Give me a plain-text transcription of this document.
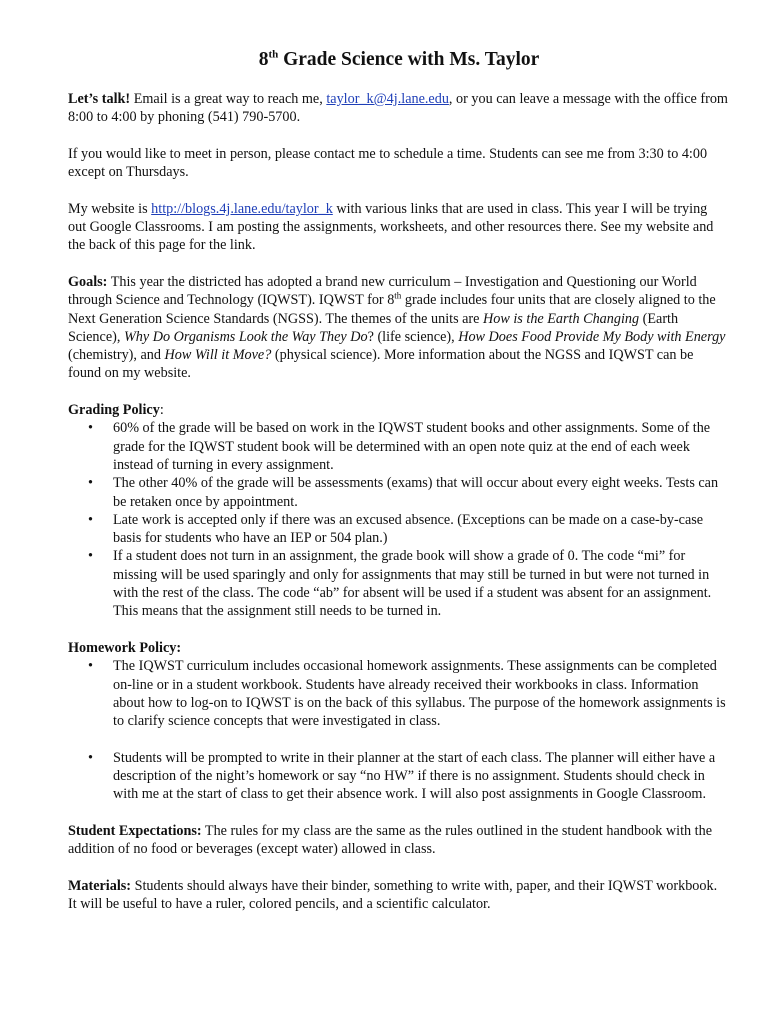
8th Grade Science with Ms. Taylor

Let’s talk! Email is a great way to reach me, taylor_k@4j.lane.edu, or you can leave a message with the office from 8:00 to 4:00 by phoning (541) 790-5700.

If you would like to meet in person, please contact me to schedule a time. Students can see me from 3:30 to 4:00 except on Thursdays.

My website is http://blogs.4j.lane.edu/taylor_k with various links that are used in class. This year I will be trying out Google Classrooms. I am posting the assignments, worksheets, and other resources there. See my website and the back of this page for the link.

Goals: This year the districted has adopted a brand new curriculum – Investigation and Questioning our World through Science and Technology (IQWST). IQWST for 8th grade includes four units that are closely aligned to the Next Generation Science Standards (NGSS). The themes of the units are How is the Earth Changing (Earth Science), Why Do Organisms Look the Way They Do? (life science), How Does Food Provide My Body with Energy (chemistry), and How Will it Move? (physical science). More information about the NGSS and IQWST can be found on my website.

Grading Policy:

• 60% of the grade will be based on work in the IQWST student books and other assignments. Some of the grade for the IQWST student book will be determined with an open note quiz at the end of each week instead of turning in every assignment.
• The other 40% of the grade will be assessments (exams) that will occur about every eight weeks. Tests can be retaken once by appointment.
• Late work is accepted only if there was an excused absence. (Exceptions can be made on a case-by-case basis for students who have an IEP or 504 plan.)
• If a student does not turn in an assignment, the grade book will show a grade of 0. The code “mi” for missing will be used sparingly and only for assignments that may still be turned in but were not turned in with the rest of the class. The code “ab” for absent will be used if a student was absent for an assignment. This means that the assignment still needs to be turned in.

Homework Policy:

• The IQWST curriculum includes occasional homework assignments. These assignments can be completed on-line or in a student workbook. Students have already received their workbooks in class. Information about how to log-on to IQWST is on the back of this syllabus. The purpose of the homework assignments is to clarify science concepts that were investigated in class.
• Students will be prompted to write in their planner at the start of each class. The planner will either have a description of the night’s homework or say “no HW” if there is no assignment. Students should check in with me at the start of class to get their absence work. I will also post assignments in Google Classroom.

Student Expectations: The rules for my class are the same as the rules outlined in the student handbook with the addition of no food or beverages (except water) allowed in class.

Materials: Students should always have their binder, something to write with, paper, and their IQWST workbook. It will be useful to have a ruler, colored pencils, and a scientific calculator.
